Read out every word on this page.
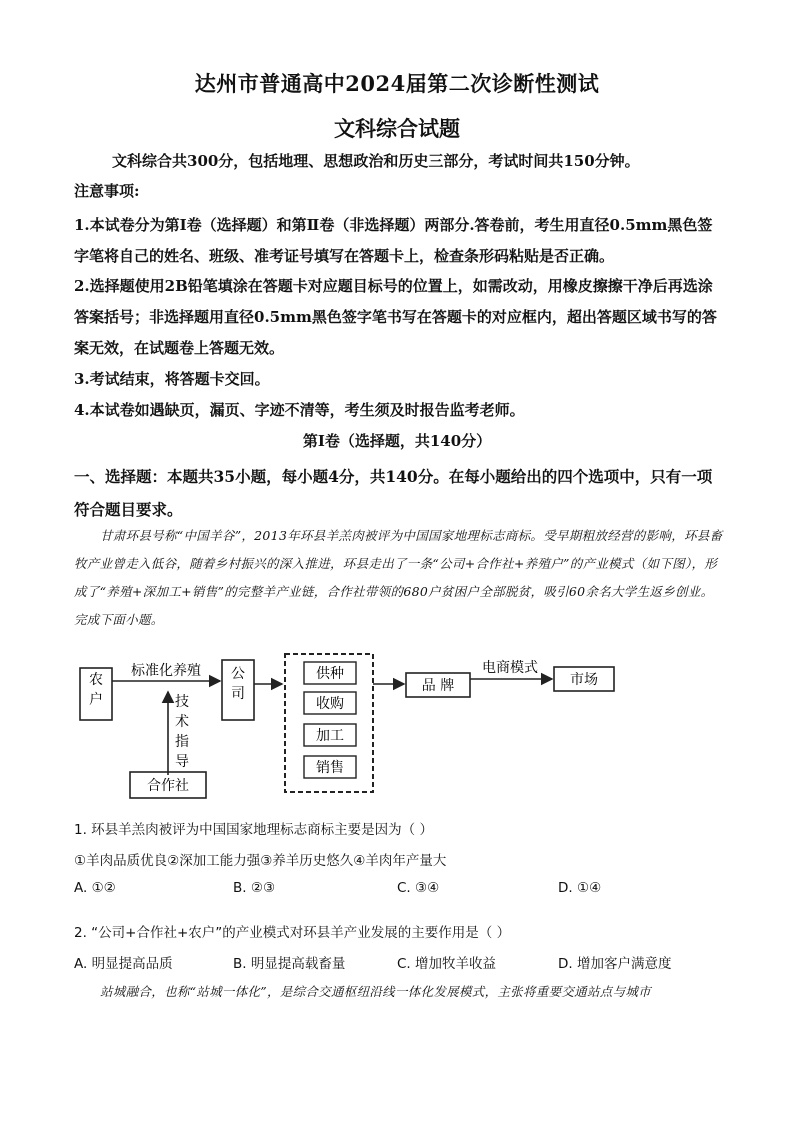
达州市普通高中2024届第二次诊断性测试
文科综合试题
文科综合共300分，包括地理、思想政治和历史三部分，考试时间共150分钟。
注意事项:
1.本试卷分为第Ⅰ卷（选择题）和第Ⅱ卷（非选择题）两部分.答卷前，考生用直径0.5mm黑色签字笔将自己的姓名、班级、准考证号填写在答题卡上，检查条形码粘贴是否正确。
2.选择题使用2B铅笔填涂在答题卡对应题目标号的位置上，如需改动，用橡皮擦擦干净后再选涂答案括号；非选择题用直径0.5mm黑色签字笔书写在答题卡的对应框内，超出答题区域书写的答案无效，在试题卷上答题无效。
3.考试结束，将答题卡交回。
4.本试卷如遇缺页，漏页、字迹不清等，考生须及时报告监考老师。
第Ⅰ卷（选择题，共140分）
一、选择题：本题共35小题，每小题4分，共140分。在每小题给出的四个选项中，只有一项符合题目要求。
甘肃环县号称“中国羊谷”，2013年环县羊羔肉被评为中国国家地理标志商标。受早期粗放经营的影响，环县畜牧产业曾走入低谷，随着乡村振兴的深入推进，环县走出了一条“公司+合作社+养殖户”的产业模式（如下图），形成了“养殖+深加工+销售”的完整羊产业链，合作社带领的680户贫困户全部脱贫，吸引60余名大学生返乡创业。完成下面小题。
农户
标准化养殖 公司
技
术
指
导
合作社
供种
收购
加工
销售
品 牌
电商模式
市场
1. 环县羊羔肉被评为中国国家地理标志商标主要是因为（ ）
①羊肉品质优良②深加工能力强③养羊历史悠久④羊肉年产量大
A. ①②	B. ②③	C. ③④	D. ①④
2. “公司+合作社+农户”的产业模式对环县羊产业发展的主要作用是（ ）
A. 明显提高品质	B. 明显提高载畜量	C. 增加牧羊收益	D. 增加客户满意度
站城融合，也称“站城一体化”，是综合交通枢纽沿线一体化发展模式，主张将重要交通站点与城市
